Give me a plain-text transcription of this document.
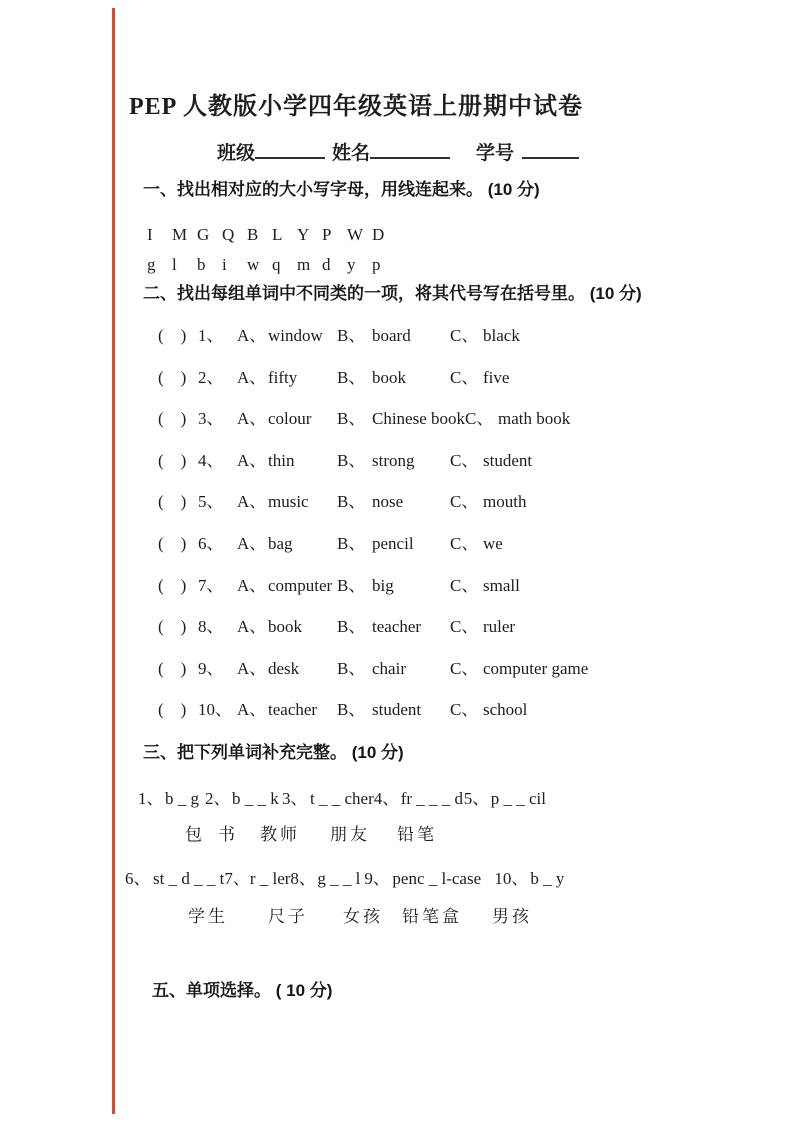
PEP 人教版小学四年级英语上册期中试卷
班级	姓名	学号
一、找出相对应的大小写字母，用线连起来。 (10 分)
I M G Q B L Y P W D
g l b i w q m d y p
二、找出每组单词中不同类的一项，将其代号写在括号里。 (10 分)
(    ) 1、 A、 window B、 board	C、 black
(    ) 2、 A、 fifty	B、 book	C、 five
(    ) 3、 A、 colour	B、 Chinese book C、 math book
(    ) 4、 A、 thin	B、 strong	C、 student
(    ) 5、 A、 music	B、 nose	C、 mouth
(    ) 6、 A、 bag	B、 pencil	C、 we
(    ) 7、 A、 computer B、 big	C、 small
(    ) 8、 A、 book	B、 teacher	C、 ruler
(    ) 9、 A、 desk	B、 chair	C、 computer game
(    ) 10、 A、 teacher	B、 student	C、 school
三、把下列单词补充完整。 (10 分)
1、 b _ g 2、 b _ _ k 3、 t _ _ cher 4、 fr _ _ _ d 5、 p _ _ cil
包 书 教师 朋友 铅笔
6、 st _ d _ _ t 7、 r _ ler 8、 g _ _ l 9、 penc _ l-case 10、 b _ y
学生 尺子 女孩 铅笔盒 男孩
五、单项选择。 ( 10 分)
